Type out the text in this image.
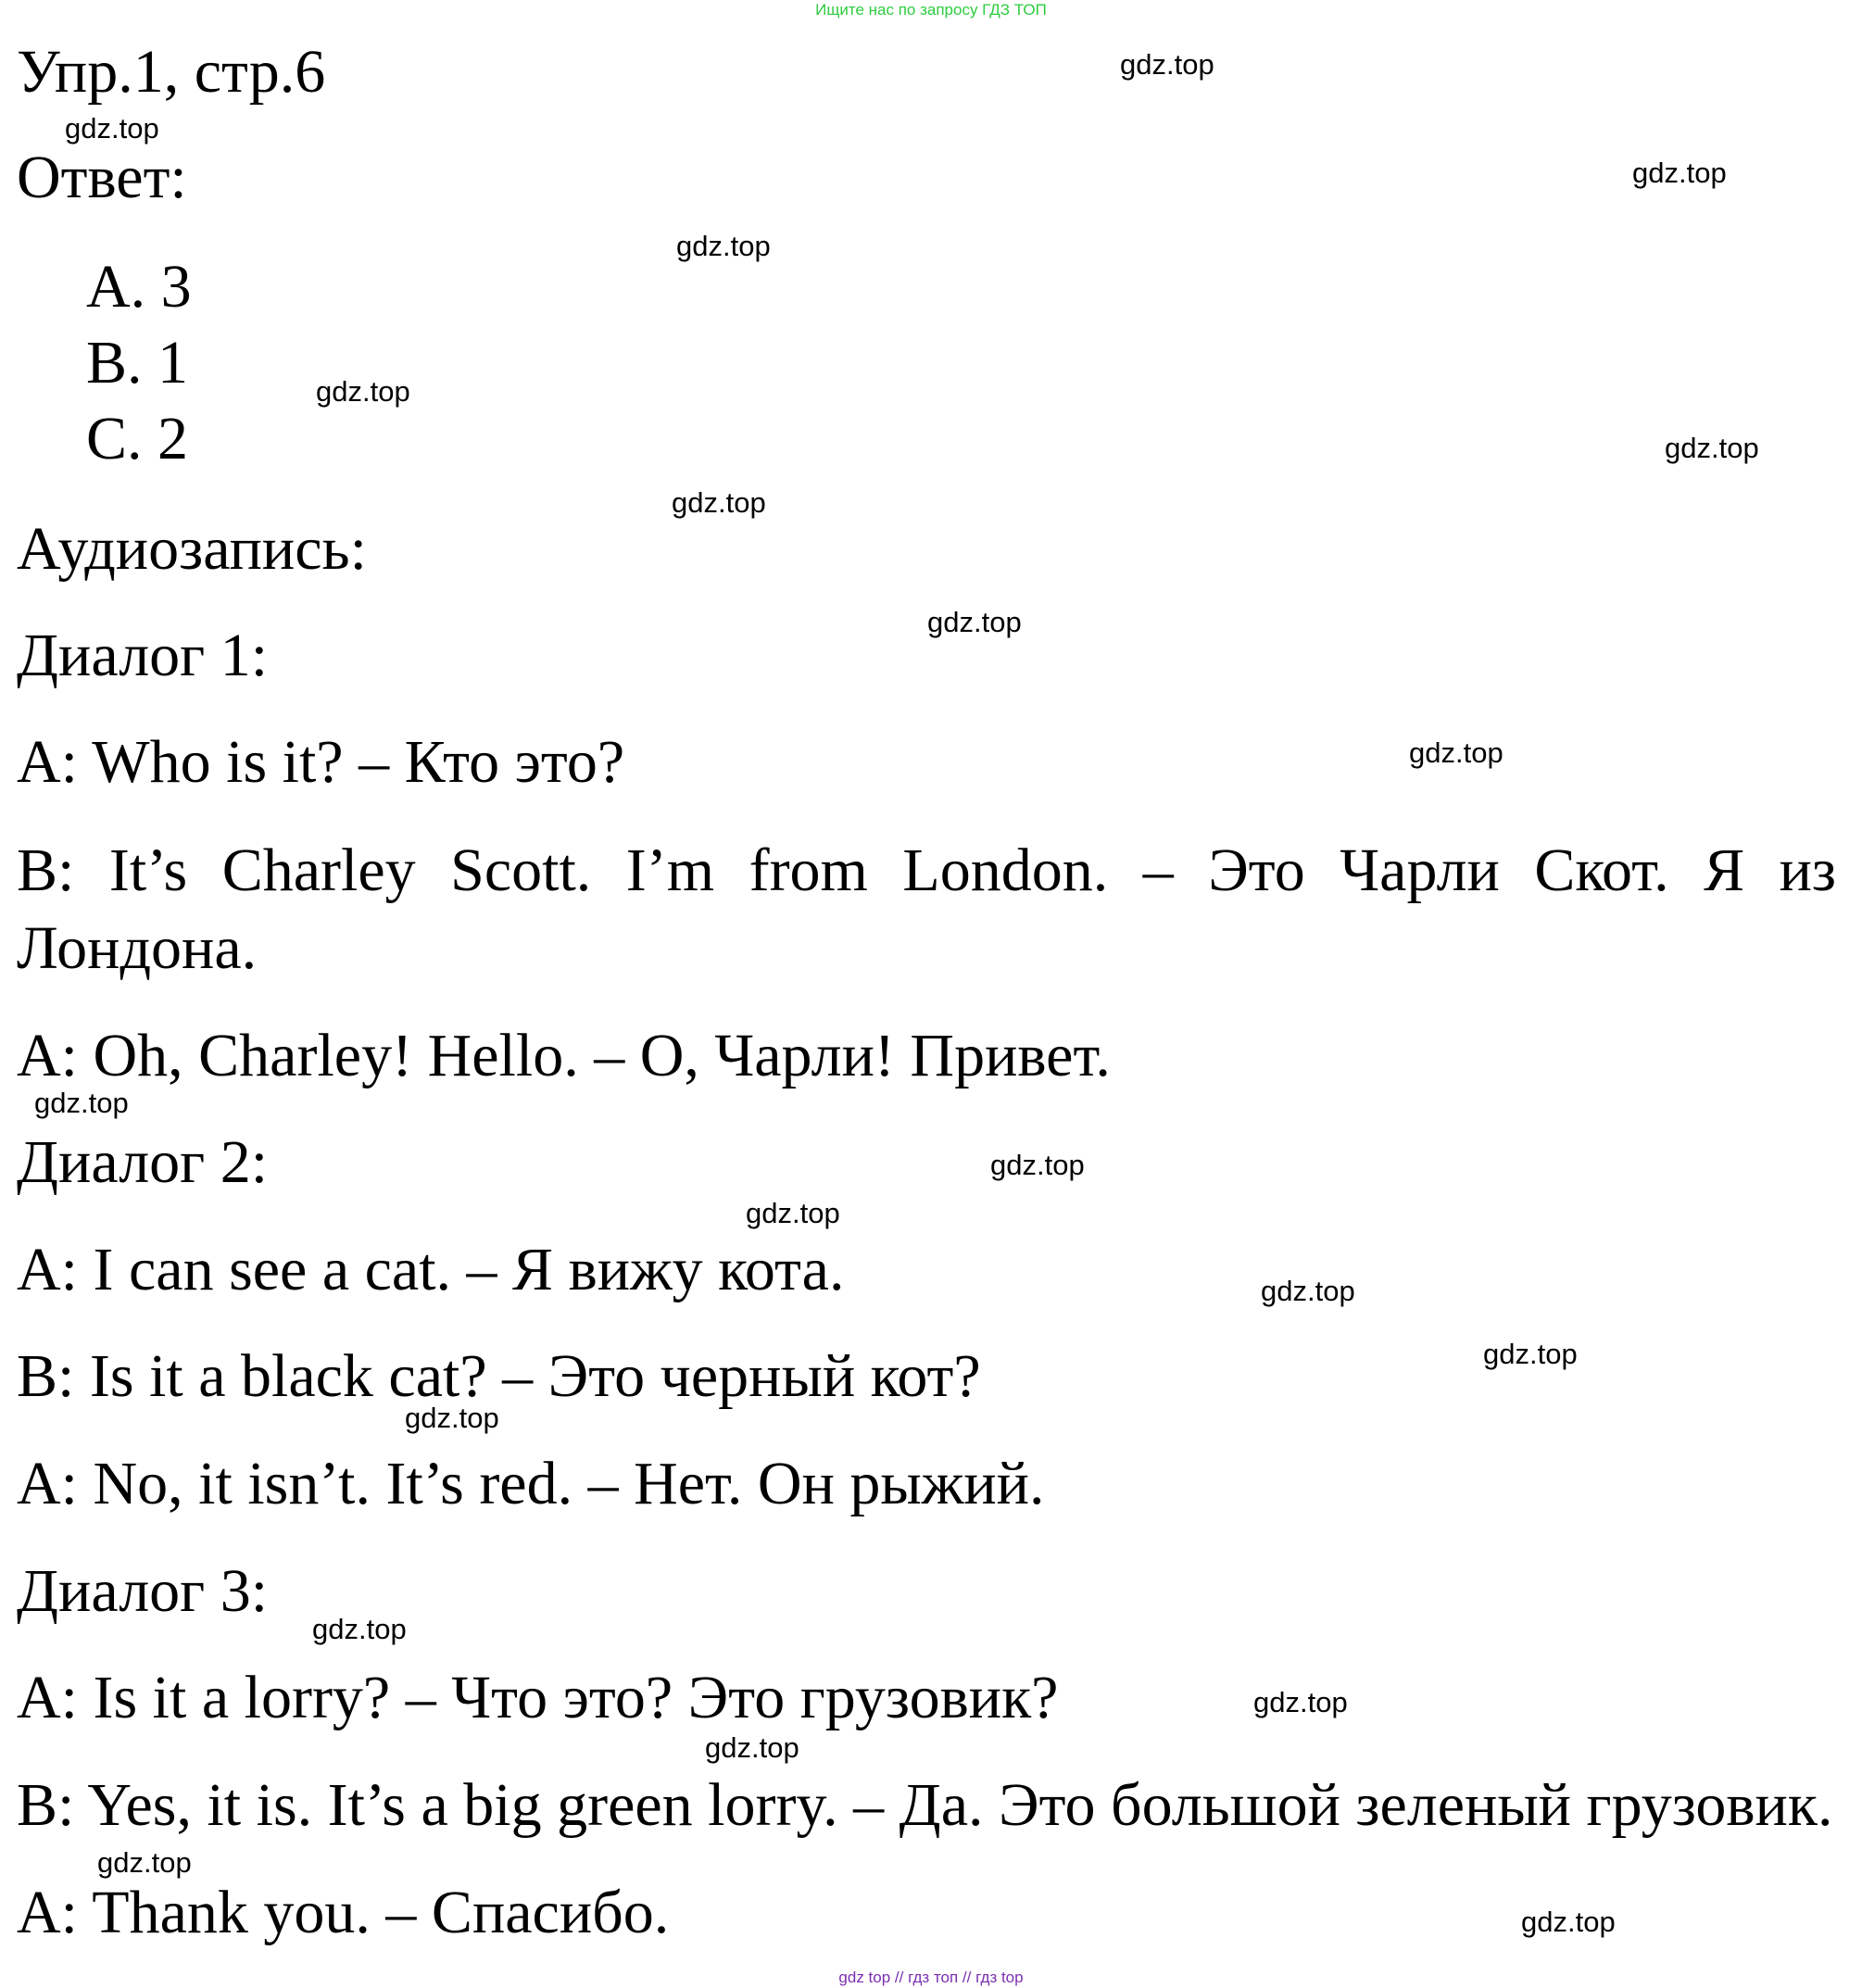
Ищите нас по запросу ГДЗ ТОП
Упр.1, стр.6
Ответ:
A. 3
B. 1
C. 2
Аудиозапись:
Диалог 1:
A: Who is it? – Кто это?
B: It’s Charley Scott. I’m from London. – Это Чарли Скот. Я из Лондона.
A: Oh, Charley! Hello. – О, Чарли! Привет.
Диалог 2:
A: I can see a cat. – Я вижу кота.
B: Is it a black cat? – Это черный кот?
A: No, it isn’t. It’s red. – Нет. Он рыжий.
Диалог 3:
A: Is it a lorry? – Что это? Это грузовик?
B: Yes, it is. It’s a big green lorry. – Да. Это большой зеленый грузовик.
A: Thank you. – Спасибо.
gdz.top
gdz.top
gdz.top
gdz.top
gdz.top
gdz.top
gdz.top
gdz.top
gdz.top
gdz.top
gdz.top
gdz.top
gdz.top
gdz.top
gdz.top
gdz.top
gdz.top
gdz.top
gdz.top
gdz.top
gdz top // гдз топ // гдз top
